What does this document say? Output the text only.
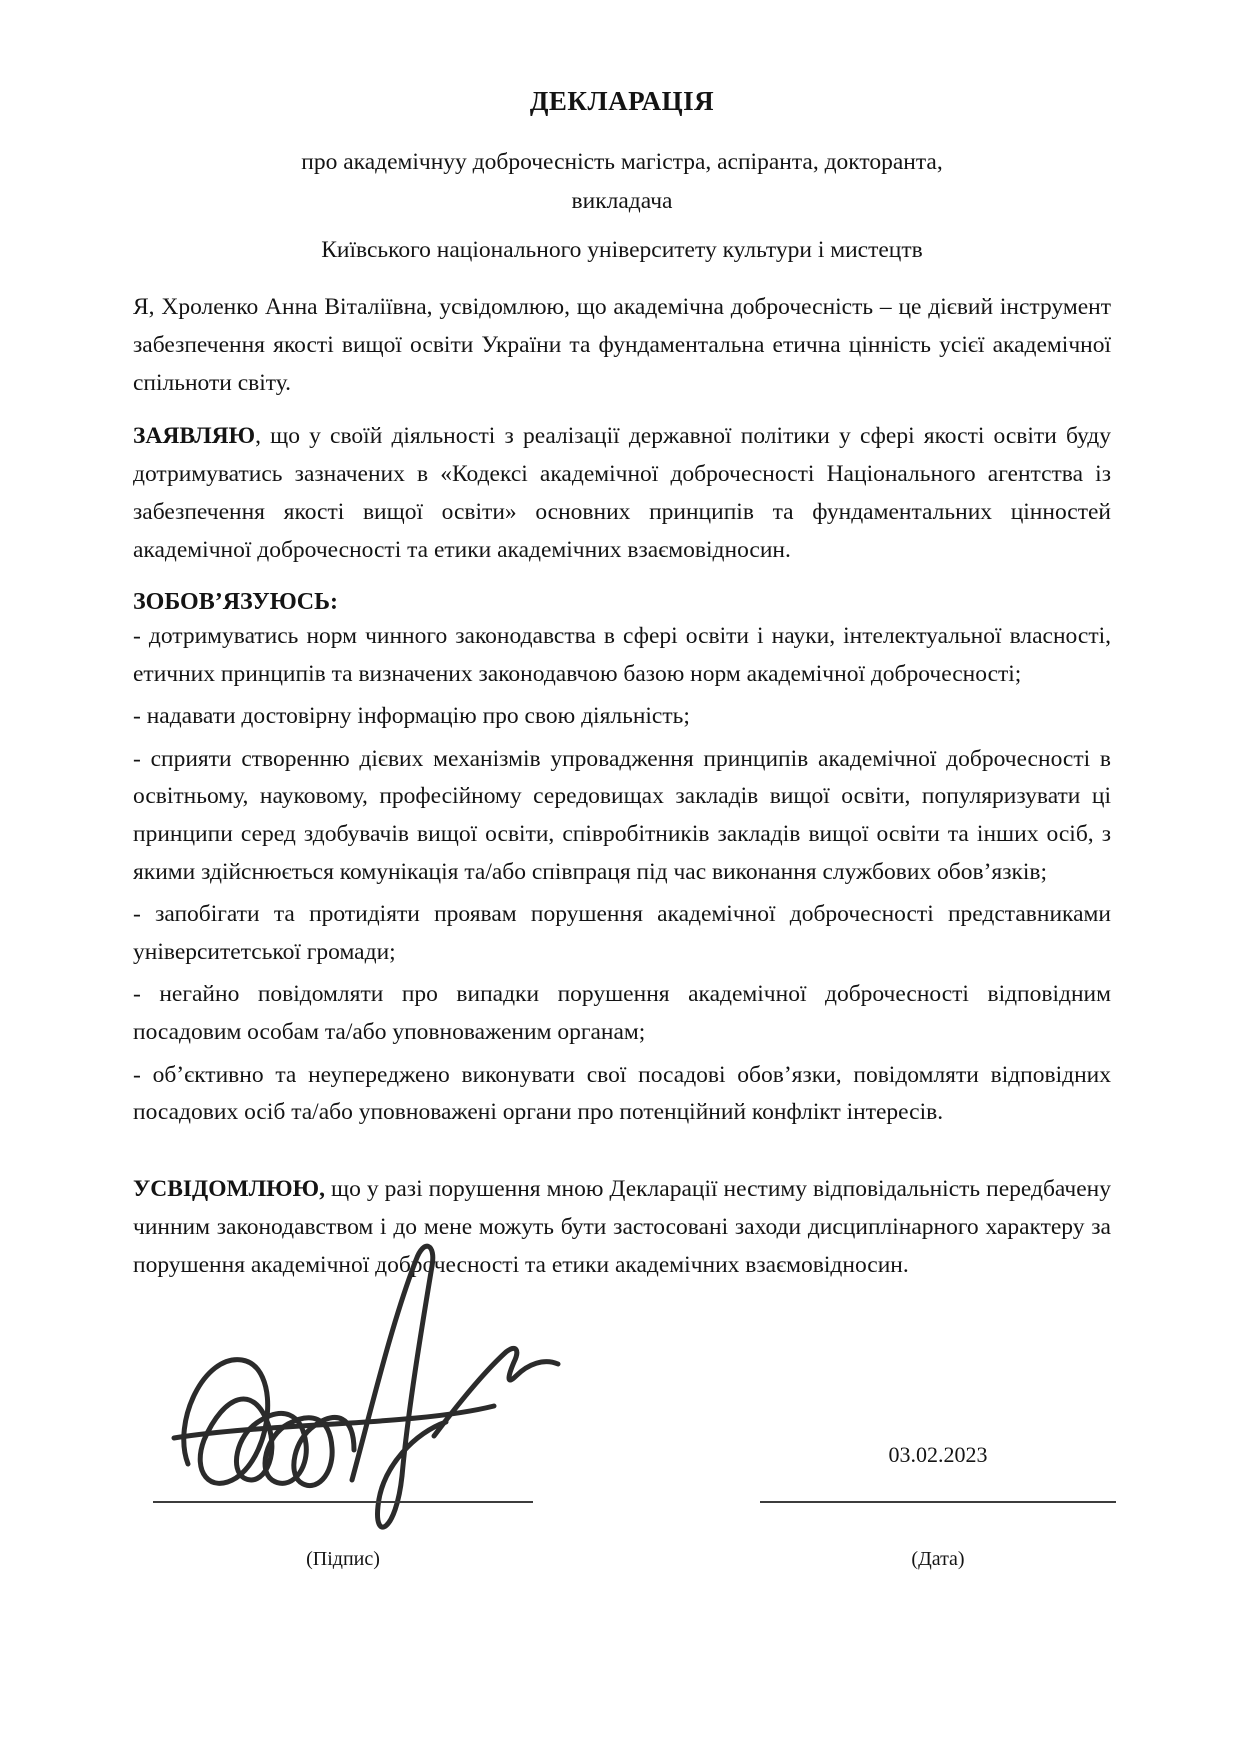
ДЕКЛАРАЦІЯ
про академічнуу доброчесність магістра, аспіранта, докторанта,
викладача
Київського національного університету культури і мистецтв
Я, Хроленко Анна Віталіївна, усвідомлюю, що академічна доброчесність – це дієвий інструмент забезпечення якості вищої освіти України та фундаментальна етична цінність усієї академічної спільноти світу.
ЗАЯВЛЯЮ, що у своїй діяльності з реалізації державної політики у сфері якості освіти буду дотримуватись зазначених в «Кодексі академічної доброчесності Національного агентства із забезпечення якості вищої освіти» основних принципів та фундаментальних цінностей академічної доброчесності та етики академічних взаємовідносин.
ЗОБОВ’ЯЗУЮСЬ:
- дотримуватись норм чинного законодавства в сфері освіти і науки, інтелектуальної власності, етичних принципів та визначених законодавчою базою норм академічної доброчесності;
- надавати достовірну інформацію про свою діяльність;
- сприяти створенню дієвих механізмів упровадження принципів академічної доброчесності в освітньому, науковому, професійному середовищах закладів вищої освіти, популяризувати ці принципи серед здобувачів вищої освіти, співробітників закладів вищої освіти та інших осіб, з якими здійснюється комунікація та/або співпраця під час виконання службових обов’язків;
- запобігати та протидіяти проявам порушення академічної доброчесності представниками університетської громади;
- негайно повідомляти про випадки порушення академічної доброчесності відповідним посадовим особам та/або уповноваженим органам;
- об’єктивно та неупереджено виконувати свої посадові обов’язки, повідомляти відповідних посадових осіб та/або уповноважені органи про потенційний конфлікт інтересів.
УСВІДОМЛЮЮ, що у разі порушення мною Декларації нестиму відповідальність передбачену чинним законодавством і до мене можуть бути застосовані заходи дисциплінарного характеру за порушення академічної доброчесності та етики академічних взаємовідносин.
03.02.2023
(Підпис)	(Дата)
